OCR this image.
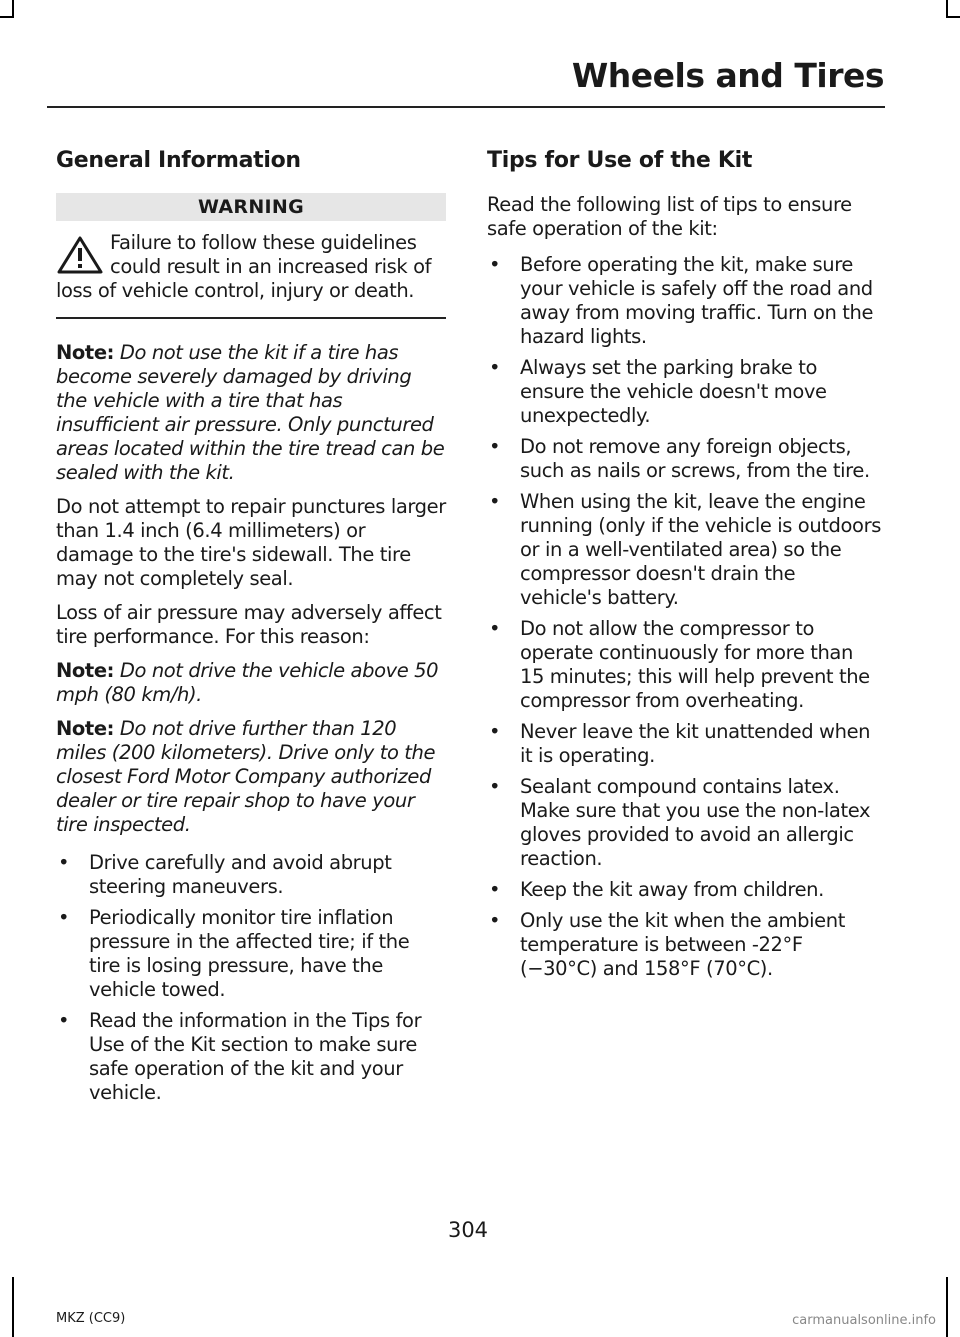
Wheels and Tires
General Information
WARNING
Failure to follow these guidelines could result in an increased risk of loss of vehicle control, injury or death.

Note: Do not use the kit if a tire has become severely damaged by driving the vehicle with a tire that has insufficient air pressure. Only punctured areas located within the tire tread can be sealed with the kit.

Do not attempt to repair punctures larger than 1.4 inch (6.4 millimeters) or damage to the tire's sidewall. The tire may not completely seal.

Loss of air pressure may adversely affect tire performance. For this reason:

Note: Do not drive the vehicle above 50 mph (80 km/h).

Note: Do not drive further than 120 miles (200 kilometers). Drive only to the closest Ford Motor Company authorized dealer or tire repair shop to have your tire inspected.

• Drive carefully and avoid abrupt steering maneuvers.
• Periodically monitor tire inflation pressure in the affected tire; if the tire is losing pressure, have the vehicle towed.
• Read the information in the Tips for Use of the Kit section to make sure safe operation of the kit and your vehicle.
Tips for Use of the Kit

Read the following list of tips to ensure safe operation of the kit:

• Before operating the kit, make sure your vehicle is safely off the road and away from moving traffic. Turn on the hazard lights.
• Always set the parking brake to ensure the vehicle doesn't move unexpectedly.
• Do not remove any foreign objects, such as nails or screws, from the tire.
• When using the kit, leave the engine running (only if the vehicle is outdoors or in a well-ventilated area) so the compressor doesn't drain the vehicle's battery.
• Do not allow the compressor to operate continuously for more than 15 minutes; this will help prevent the compressor from overheating.
• Never leave the kit unattended when it is operating.
• Sealant compound contains latex. Make sure that you use the non-latex gloves provided to avoid an allergic reaction.
• Keep the kit away from children.
• Only use the kit when the ambient temperature is between -22°F (−30°C) and 158°F (70°C).
304
MKZ (CC9)	carmanualsonline.info
